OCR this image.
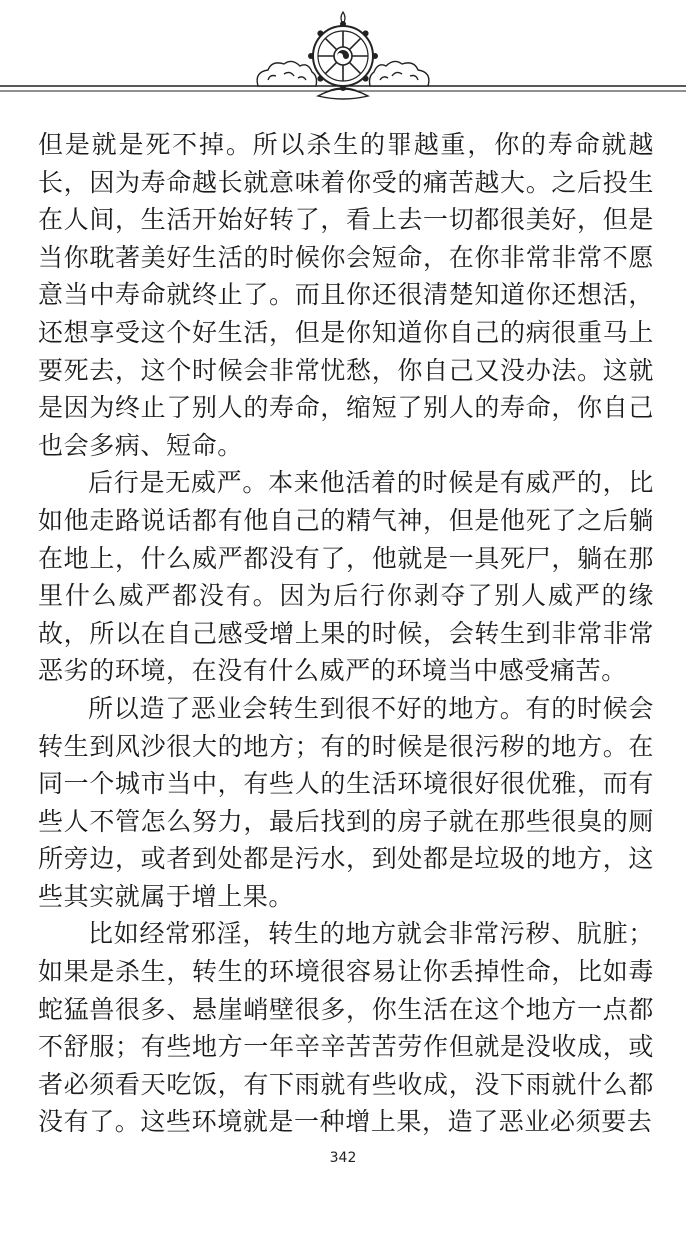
但是就是死不掉。所以杀生的罪越重，你的寿命就越长，因为寿命越长就意味着你受的痛苦越大。之后投生在人间，生活开始好转了，看上去一切都很美好，但是当你耽著美好生活的时候你会短命，在你非常非常不愿意当中寿命就终止了。而且你还很清楚知道你还想活，还想享受这个好生活，但是你知道你自己的病很重马上要死去，这个时候会非常忧愁，你自己又没办法。这就是因为终止了别人的寿命，缩短了别人的寿命，你自己也会多病、短命。

后行是无威严。本来他活着的时候是有威严的，比如他走路说话都有他自己的精气神，但是他死了之后躺在地上，什么威严都没有了，他就是一具死尸，躺在那里什么威严都没有。因为后行你剥夺了别人威严的缘故，所以在自己感受增上果的时候，会转生到非常非常恶劣的环境，在没有什么威严的环境当中感受痛苦。

所以造了恶业会转生到很不好的地方。有的时候会转生到风沙很大的地方；有的时候是很污秽的地方。在同一个城市当中，有些人的生活环境很好很优雅，而有些人不管怎么努力，最后找到的房子就在那些很臭的厕所旁边，或者到处都是污水，到处都是垃圾的地方，这些其实就属于增上果。

比如经常邪淫，转生的地方就会非常污秽、肮脏；如果是杀生，转生的环境很容易让你丢掉性命，比如毒蛇猛兽很多、悬崖峭壁很多，你生活在这个地方一点都不舒服；有些地方一年辛辛苦苦劳作但就是没收成，或者必须看天吃饭，有下雨就有些收成，没下雨就什么都没有了。这些环境就是一种增上果，造了恶业必须要去

342
